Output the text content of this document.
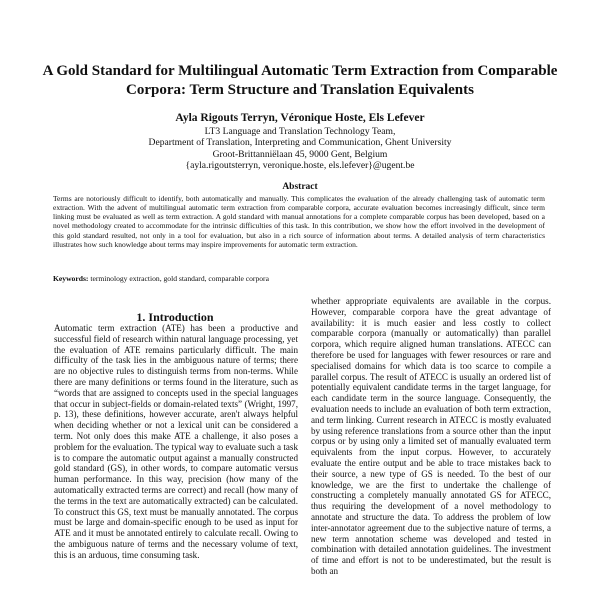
A Gold Standard for Multilingual Automatic Term Extraction from Comparable
Corpora: Term Structure and Translation Equivalents
Ayla Rigouts Terryn, Véronique Hoste, Els Lefever
LT3 Language and Translation Technology Team,
Department of Translation, Interpreting and Communication, Ghent University
Groot-Brittanniëlaan 45, 9000 Gent, Belgium
{ayla.rigoutsterryn, veronique.hoste, els.lefever}@ugent.be
Abstract
Terms are notoriously difficult to identify, both automatically and manually. This complicates the evaluation of the already challenging task of automatic term extraction. With the advent of multilingual automatic term extraction from comparable corpora, accurate evaluation becomes increasingly difficult, since term linking must be evaluated as well as term extraction. A gold standard with manual annotations for a complete comparable corpus has been developed, based on a novel methodology created to accommodate for the intrinsic difficulties of this task. In this contribution, we show how the effort involved in the development of this gold standard resulted, not only in a tool for evaluation, but also in a rich source of information about terms. A detailed analysis of term characteristics illustrates how such knowledge about terms may inspire improvements for automatic term extraction.
Keywords: terminology extraction, gold standard, comparable corpora
1. Introduction
Automatic term extraction (ATE) has been a productive and successful field of research within natural language processing, yet the evaluation of ATE remains particularly difficult. The main difficulty of the task lies in the ambiguous nature of terms; there are no objective rules to distinguish terms from non-terms. While there are many definitions or terms found in the literature, such as “words that are assigned to concepts used in the special languages that occur in subject-fields or domain-related texts” (Wright, 1997, p. 13), these definitions, however accurate, aren't always helpful when deciding whether or not a lexical unit can be considered a term. Not only does this make ATE a challenge, it also poses a problem for the evaluation. The typical way to evaluate such a task is to compare the automatic output against a manually constructed gold standard (GS), in other words, to compare automatic versus human performance. In this way, precision (how many of the automatically extracted terms are correct) and recall (how many of the terms in the text are automatically extracted) can be calculated. To construct this GS, text must be manually annotated. The corpus must be large and domain-specific enough to be used as input for ATE and it must be annotated entirely to calculate recall. Owing to the ambiguous nature of terms and the necessary volume of text, this is an arduous, time consuming task.
whether appropriate equivalents are available in the corpus. However, comparable corpora have the great advantage of availability: it is much easier and less costly to collect comparable corpora (manually or automatically) than parallel corpora, which require aligned human translations. ATECC can therefore be used for languages with fewer resources or rare and specialised domains for which data is too scarce to compile a parallel corpus. The result of ATECC is usually an ordered list of potentially equivalent candidate terms in the target language, for each candidate term in the source language. Consequently, the evaluation needs to include an evaluation of both term extraction, and term linking. Current research in ATECC is mostly evaluated by using reference translations from a source other than the input corpus or by using only a limited set of manually evaluated term equivalents from the input corpus. However, to accurately evaluate the entire output and be able to trace mistakes back to their source, a new type of GS is needed. To the best of our knowledge, we are the first to undertake the challenge of constructing a completely manually annotated GS for ATECC, thus requiring the development of a novel methodology to annotate and structure the data. To address the problem of low inter-annotator agreement due to the subjective nature of terms, a new term annotation scheme was developed and tested in combination with detailed annotation guidelines. The investment of time and effort is not to be underestimated, but the result is both an
